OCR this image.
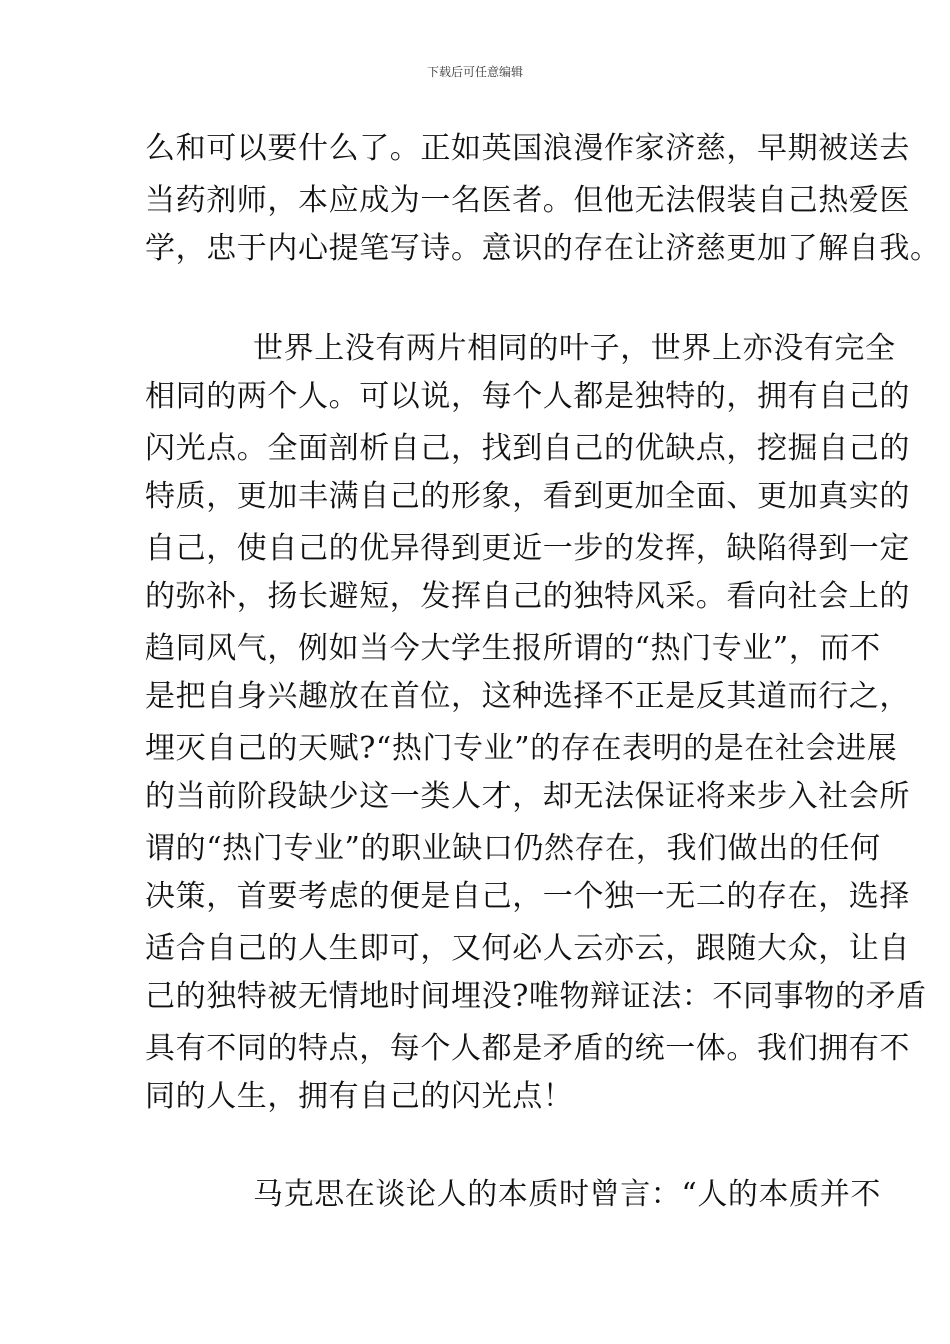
下载后可任意编辑
么和可以要什么了。正如英国浪漫作家济慈，早期被送去
当药剂师，本应成为一名医者。但他无法假装自己热爱医
学，忠于内心提笔写诗。意识的存在让济慈更加了解自我。
世界上没有两片相同的叶子，世界上亦没有完全
相同的两个人。可以说，每个人都是独特的，拥有自己的
闪光点。全面剖析自己，找到自己的优缺点，挖掘自己的
特质，更加丰满自己的形象，看到更加全面、更加真实的
自己，使自己的优异得到更近一步的发挥，缺陷得到一定
的弥补，扬长避短，发挥自己的独特风采。看向社会上的
趋同风气，例如当今大学生报所谓的“热门专业”，而不
是把自身兴趣放在首位，这种选择不正是反其道而行之，
埋灭自己的天赋?“热门专业”的存在表明的是在社会进展
的当前阶段缺少这一类人才，却无法保证将来步入社会所
谓的“热门专业”的职业缺口仍然存在，我们做出的任何
决策，首要考虑的便是自己，一个独一无二的存在，选择
适合自己的人生即可，又何必人云亦云，跟随大众，让自
己的独特被无情地时间埋没?唯物辩证法：不同事物的矛盾
具有不同的特点，每个人都是矛盾的统一体。我们拥有不
同的人生，拥有自己的闪光点！
马克思在谈论人的本质时曾言：“人的本质并不
